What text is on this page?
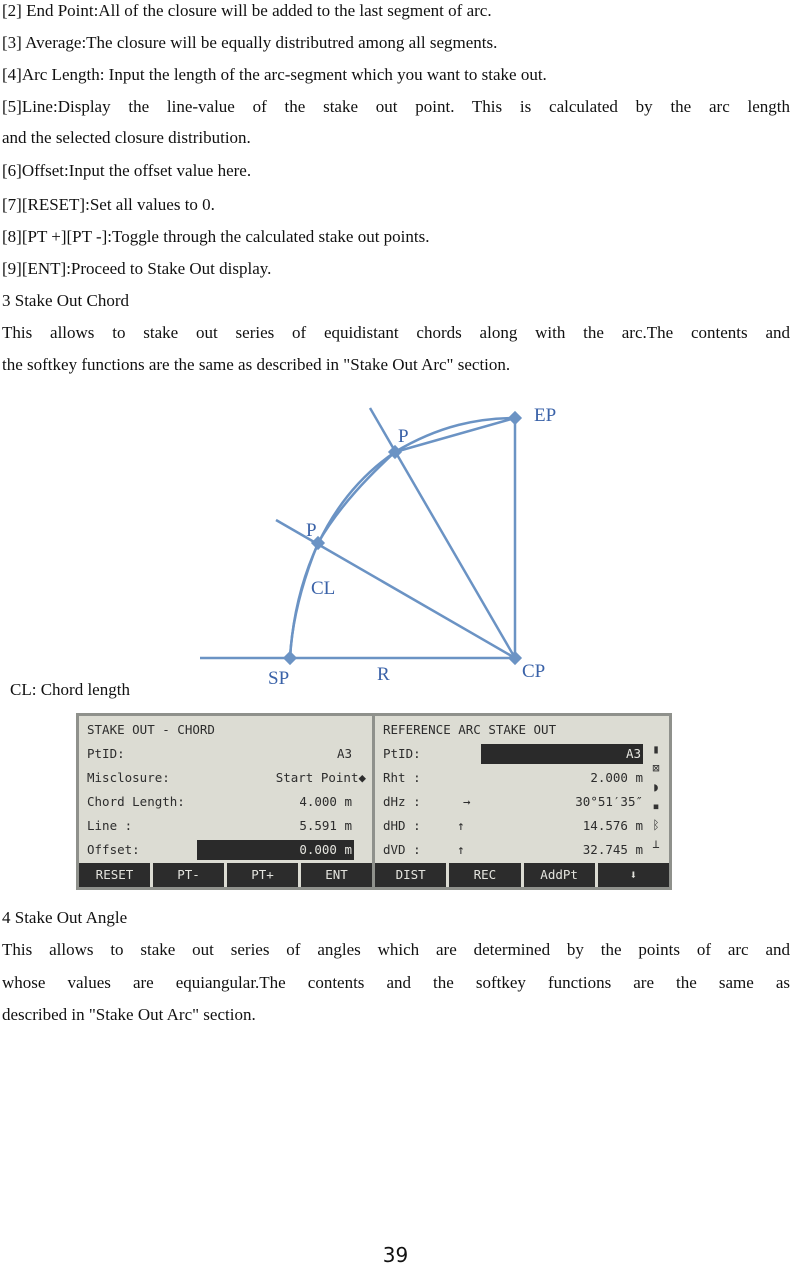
[2] End Point:All of the closure will be added to the last segment of arc.
[3] Average:The closure will be equally distributred among all segments.
[4]Arc Length: Input the length of the arc-segment which you want to stake out.
[5]Line:Display the line-value of the stake out point. This is calculated by the arc length
and the selected closure distribution.
[6]Offset:Input the offset value here.
[7][RESET]:Set all values to 0.
[8][PT +][PT -]:Toggle through the calculated stake out points.
[9][ENT]:Proceed to Stake Out display.
3 Stake Out Chord
This allows to stake out series of equidistant chords along with the arc.The contents and
the softkey functions are the same as described in "Stake Out Arc" section.
P
P
EP
CL
SP	R	CP
CL: Chord length
STAKE OUT - CHORD
PtID:	A3
Misclosure:	Start Point◆
Chord Length:	4.000 m
Line :	5.591 m
Offset:	0.000 m
RESET	PT-	PT+	ENT
REFERENCE ARC STAKE OUT
PtID:	A3
Rht :	2.000 m
dHz :	→	30°51′35″
dHD :	↑	14.576 m
dVD :	↑	32.745 m
▮
⊠
◗
▪
ᛒ
⊥
DIST	REC	AddPt	⬇
4 Stake Out Angle
This allows to stake out series of angles which are determined by the points of arc and
whose values are equiangular.The contents and the softkey functions are the same as
described in "Stake Out Arc" section.
39
